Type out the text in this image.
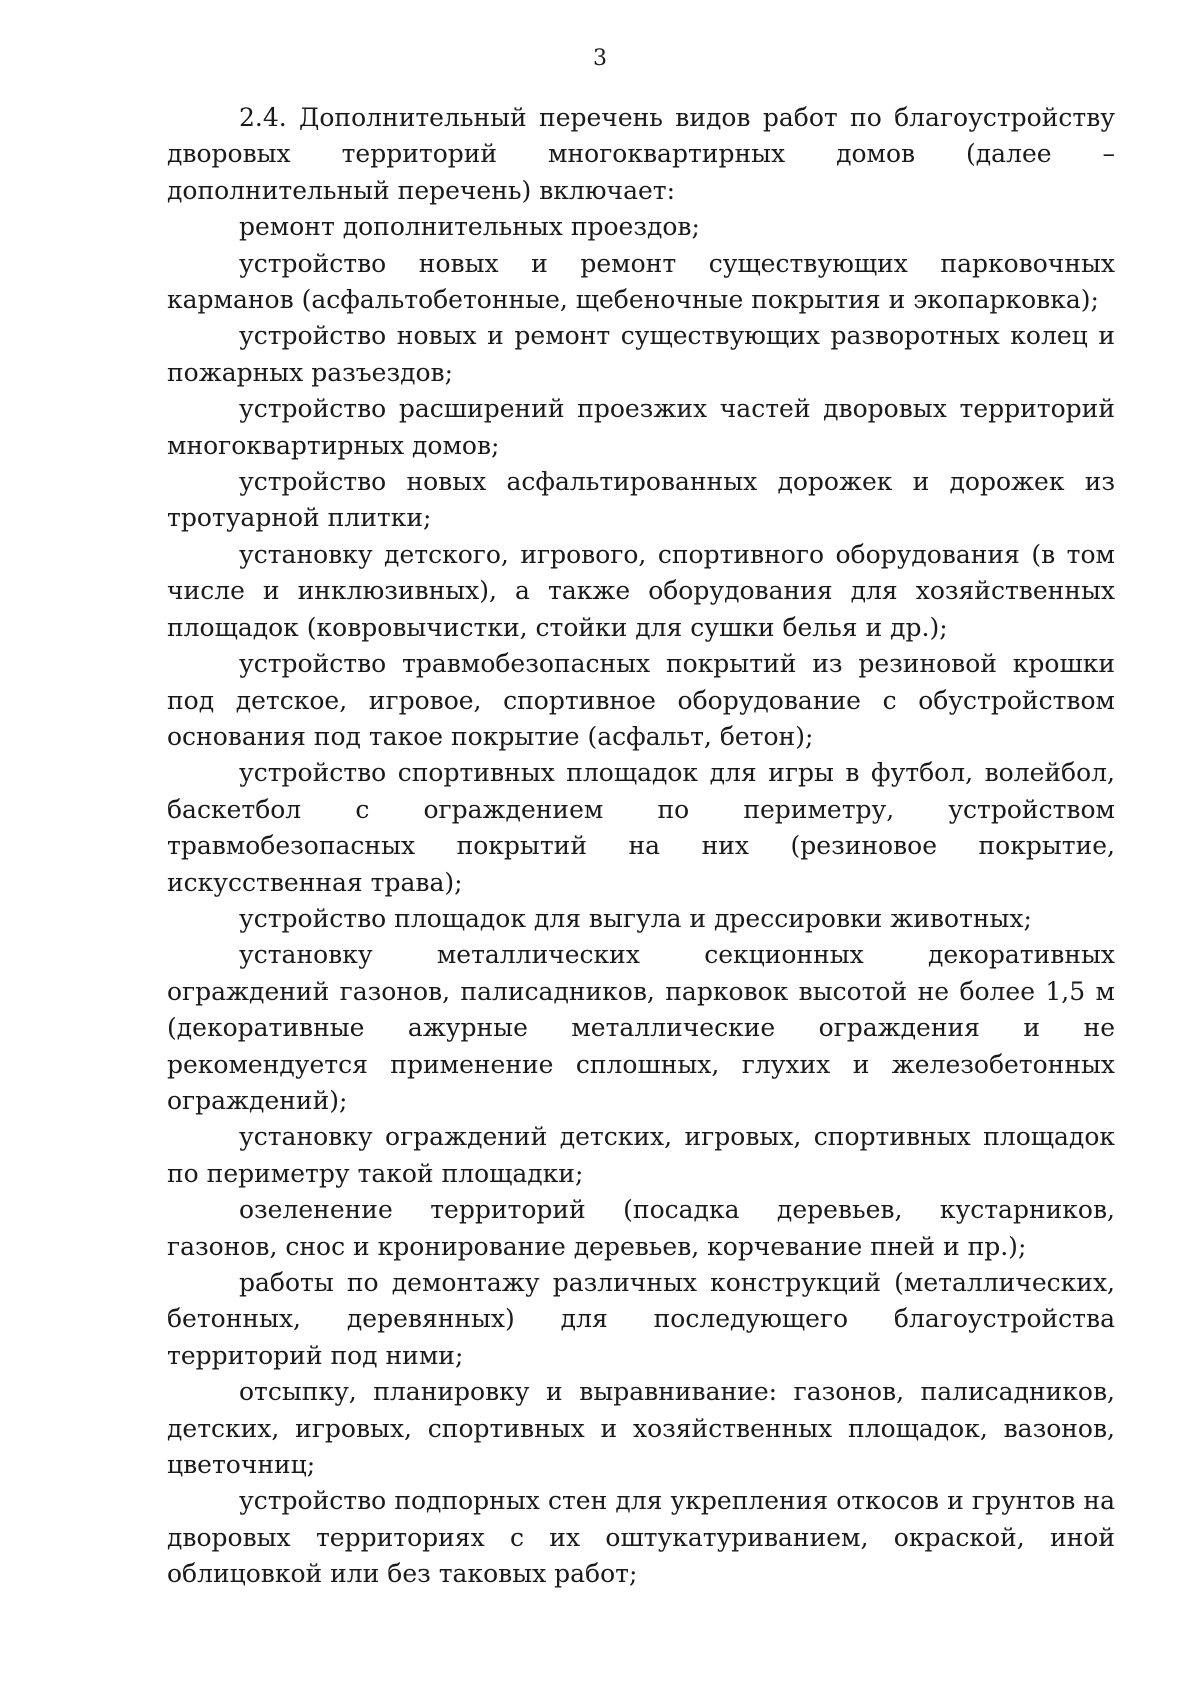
3

2.4. Дополнительный перечень видов работ по благоустройству дворовых территорий многоквартирных домов (далее – дополнительный перечень) включает:

ремонт дополнительных проездов;

устройство новых и ремонт существующих парковочных карманов (асфальтобетонные, щебеночные покрытия и экопарковка);

устройство новых и ремонт существующих разворотных колец и пожарных разъездов;

устройство расширений проезжих частей дворовых территорий многоквартирных домов;

устройство новых асфальтированных дорожек и дорожек из тротуарной плитки;

установку детского, игрового, спортивного оборудования (в том числе и инклюзивных), а также оборудования для хозяйственных площадок (ковровычистки, стойки для сушки белья и др.);

устройство травмобезопасных покрытий из резиновой крошки под детское, игровое, спортивное оборудование с обустройством основания под такое покрытие (асфальт, бетон);

устройство спортивных площадок для игры в футбол, волейбол, баскетбол с ограждением по периметру, устройством травмобезопасных покрытий на них (резиновое покрытие, искусственная трава);

устройство площадок для выгула и дрессировки животных;

установку металлических секционных декоративных ограждений газонов, палисадников, парковок высотой не более 1,5 м (декоративные ажурные металлические ограждения и не рекомендуется применение сплошных, глухих и железобетонных ограждений);

установку ограждений детских, игровых, спортивных площадок по периметру такой площадки;

озеленение территорий (посадка деревьев, кустарников, газонов, снос и кронирование деревьев, корчевание пней и пр.);

работы по демонтажу различных конструкций (металлических, бетонных, деревянных) для последующего благоустройства территорий под ними;

отсыпку, планировку и выравнивание: газонов, палисадников, детских, игровых, спортивных и хозяйственных площадок, вазонов, цветочниц;

устройство подпорных стен для укрепления откосов и грунтов на дворовых территориях с их оштукатуриванием, окраской, иной облицовкой или без таковых работ;
